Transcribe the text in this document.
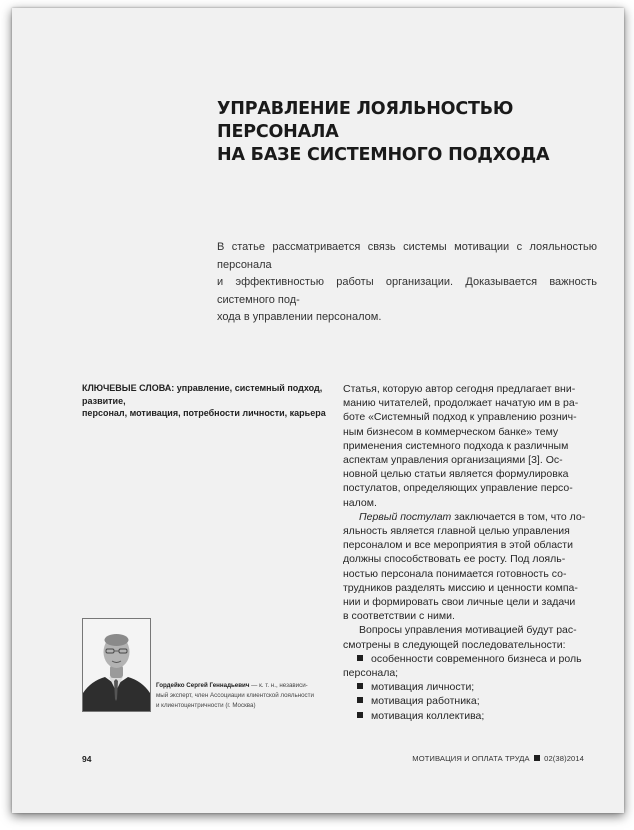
УПРАВЛЕНИЕ ЛОЯЛЬНОСТЬЮ ПЕРСОНАЛА
НА БАЗЕ СИСТЕМНОГО ПОДХОДА

В статье рассматривается связь системы мотивации с лояльностью персонала
и эффективностью работы организации. Доказывается важность системного под-
хода в управлении персоналом.

КЛЮЧЕВЫЕ СЛОВА: управление, системный подход, развитие,
персонал, мотивация, потребности личности, карьера

Гордейко Сергей Геннадьевич — к. т. н., независи-
мый эксперт, член Ассоциации клиентской лояльности
и клиентоцентричности (г. Москва)

Статья, которую автор сегодня предлагает вни-
манию читателей, продолжает начатую им в ра-
боте «Системный подход к управлению рознич-
ным бизнесом в коммерческом банке» тему
применения системного подхода к различным
аспектам управления организациями [3]. Ос-
новной целью статьи является формулировка
постулатов, определяющих управление персо-
налом.
Первый постулат заключается в том, что ло-
яльность является главной целью управления
персоналом и все мероприятия в этой области
должны способствовать ее росту. Под лояль-
ностью персонала понимается готовность со-
трудников разделять миссию и ценности компа-
нии и формировать свои личные цели и задачи
в соответствии с ними.
Вопросы управления мотивацией будут рас-
смотрены в следующей последовательности:
особенности современного бизнеса и роль
персонала;
мотивация личности;
мотивация работника;
мотивация коллектива;
94	МОТИВАЦИЯ И ОПЛАТА ТРУДА 02(38)2014
